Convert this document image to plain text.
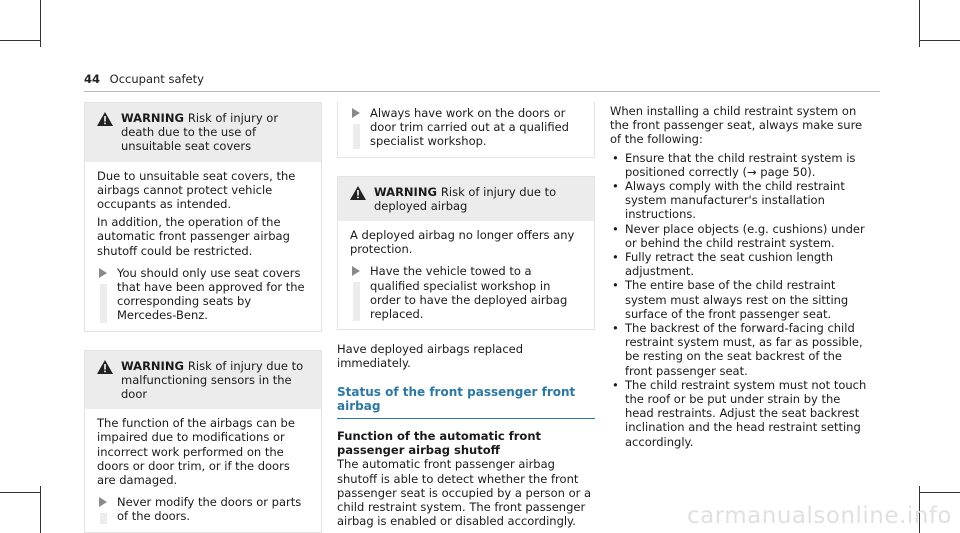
44 Occupant safety
WARNING Risk of injury or death due to the use of unsuitable seat covers

Due to unsuitable seat covers, the airbags cannot protect vehicle occupants as intended.

In addition, the operation of the automatic front passenger airbag shutoff could be restricted.

You should only use seat covers that have been approved for the corresponding seats by Mercedes-Benz.
WARNING Risk of injury due to malfunctioning sensors in the door

The function of the airbags can be impaired due to modifications or incorrect work performed on the doors or door trim, or if the doors are damaged.

Never modify the doors or parts of the doors.
Always have work on the doors or door trim carried out at a qualified specialist workshop.
WARNING Risk of injury due to deployed airbag

A deployed airbag no longer offers any protection.

Have the vehicle towed to a qualified specialist workshop in order to have the deployed airbag replaced.

Have deployed airbags replaced immediately.

Status of the front passenger front airbag
Function of the automatic front passenger airbag shutoff

The automatic front passenger airbag shutoff is able to detect whether the front passenger seat is occupied by a person or a child restraint system. The front passenger airbag is enabled or disabled accordingly.

When installing a child restraint system on the front passenger seat, always make sure of the following:

• Ensure that the child restraint system is positioned correctly (→ page 50).
• Always comply with the child restraint system manufacturer's installation instructions.
• Never place objects (e.g. cushions) under or behind the child restraint system.
• Fully retract the seat cushion length adjustment.
• The entire base of the child restraint system must always rest on the sitting surface of the front passenger seat.
• The backrest of the forward-facing child restraint system must, as far as possible, be resting on the seat backrest of the front passenger seat.
• The child restraint system must not touch the roof or be put under strain by the head restraints. Adjust the seat backrest inclination and the head restraint setting accordingly.
carmanualsonline.info
